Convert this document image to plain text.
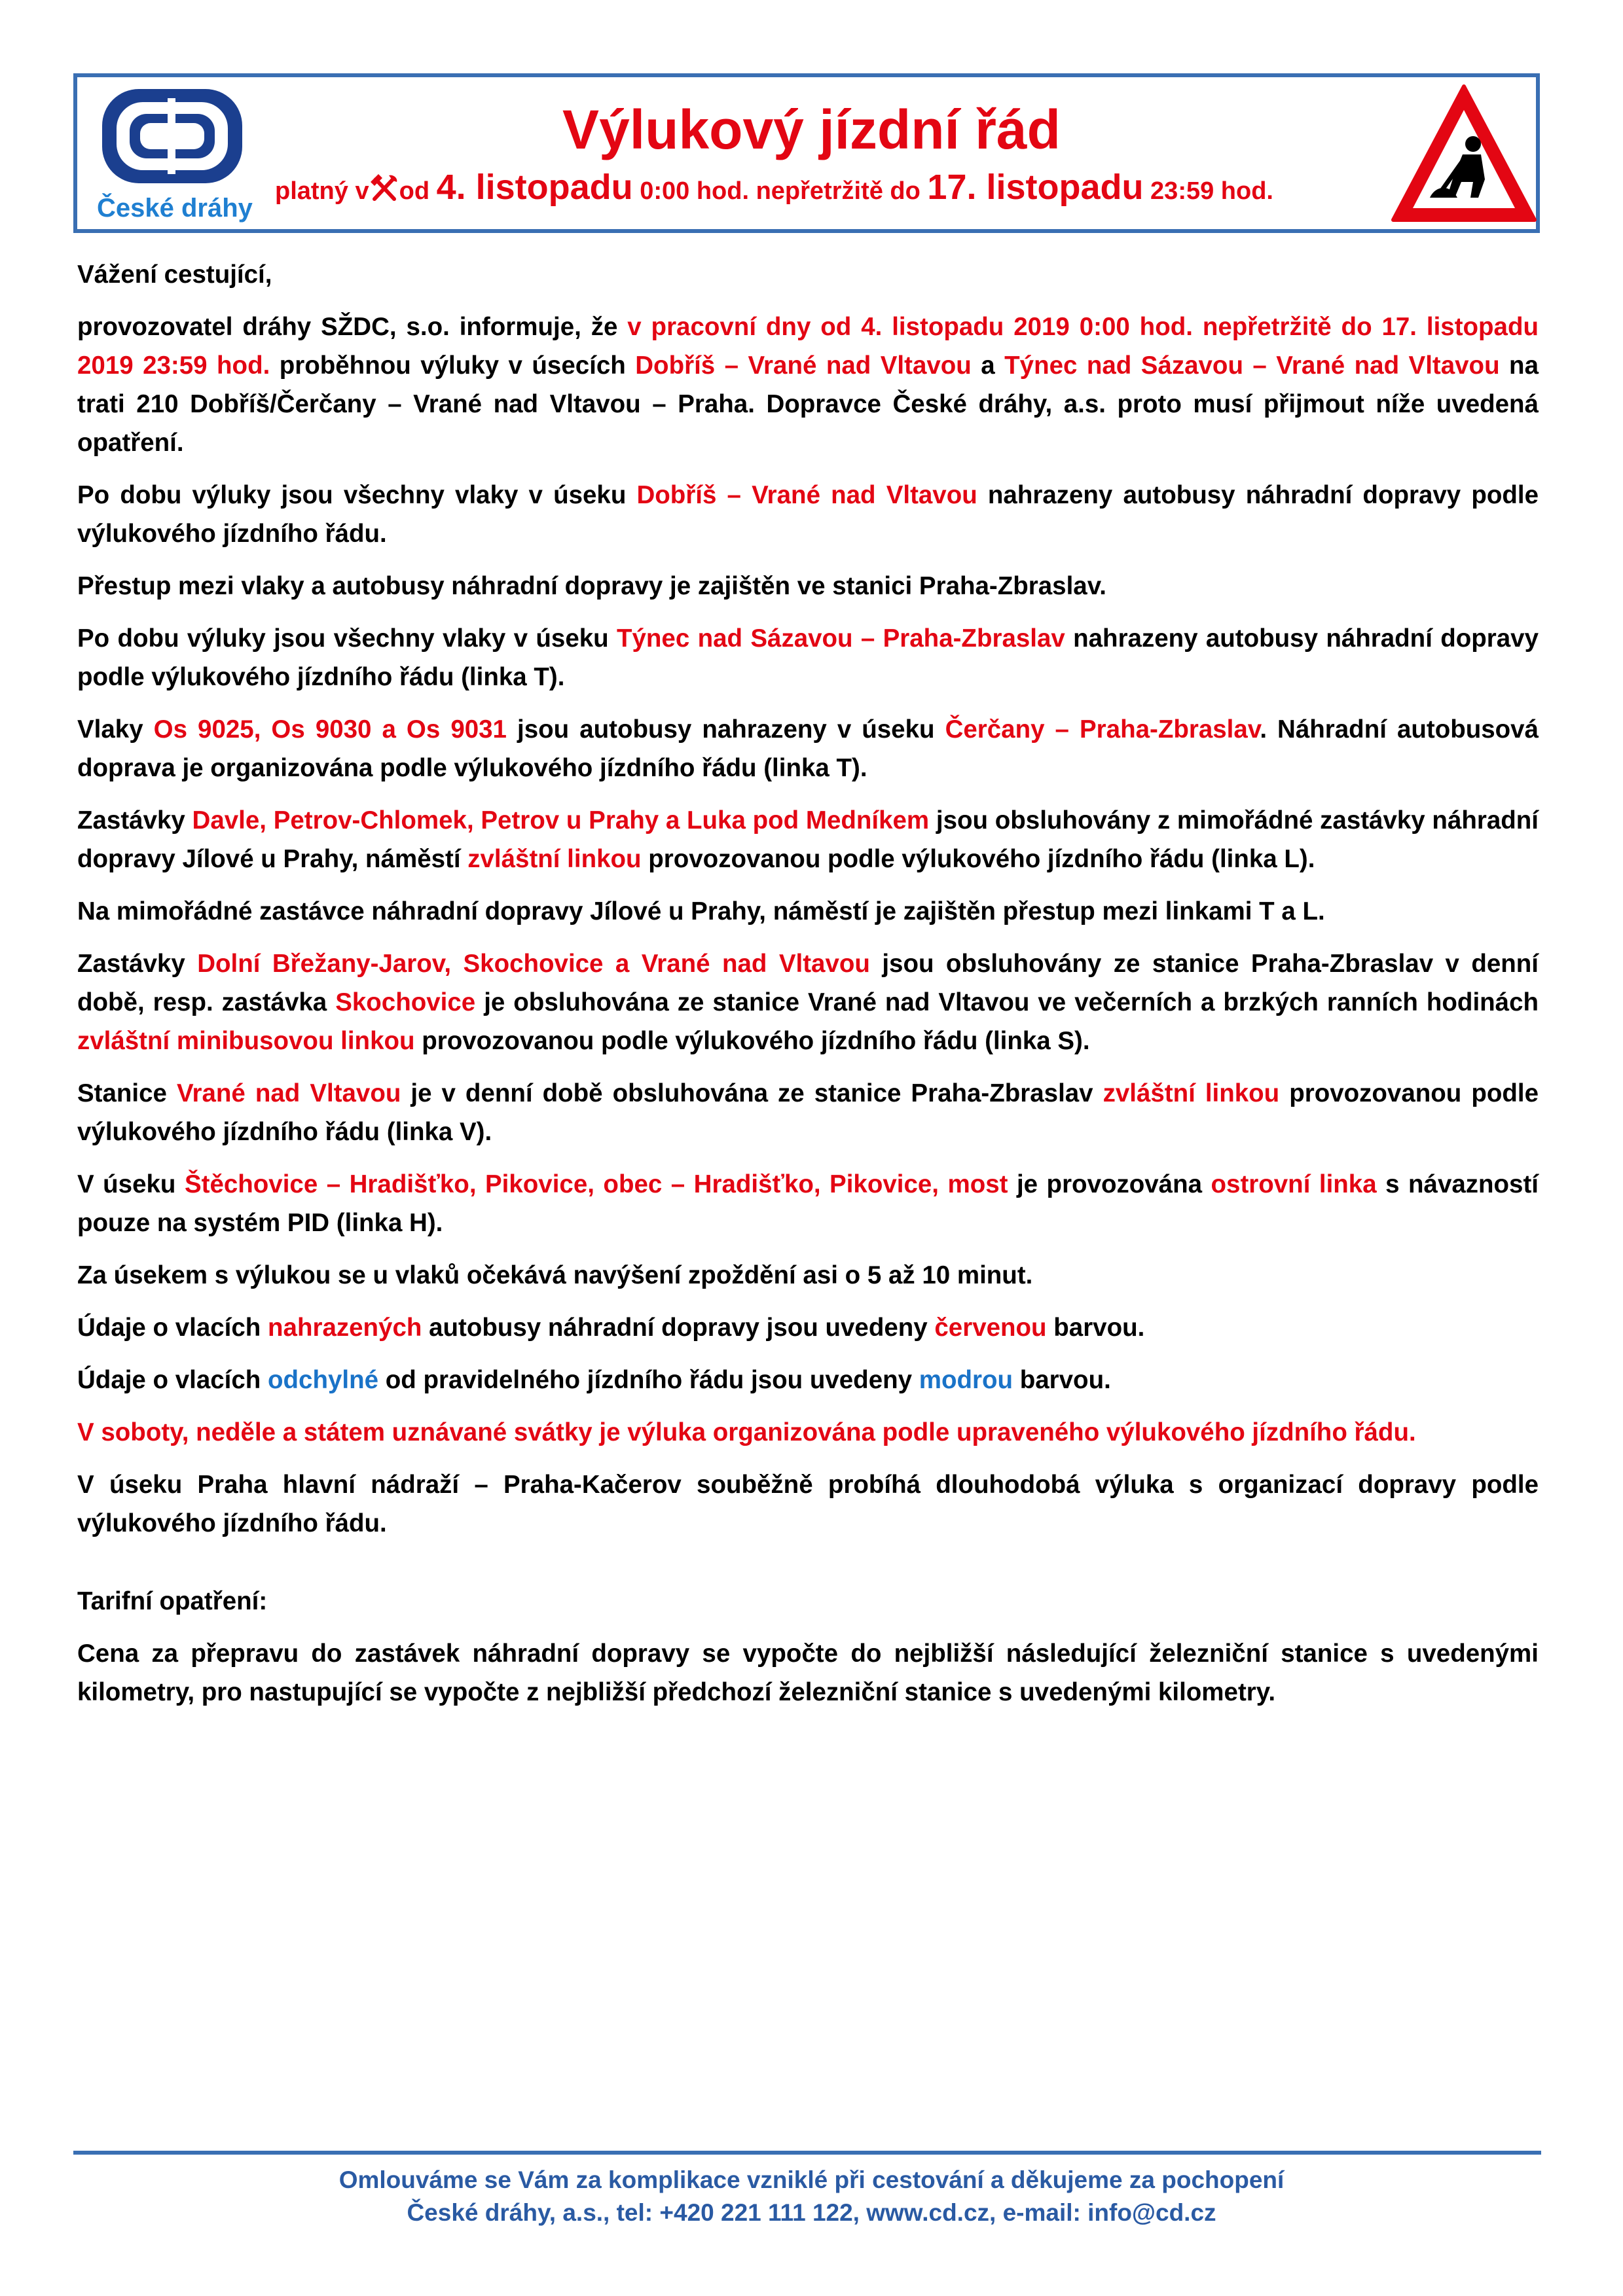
České dráhy
Výlukový jízdní řád
platný v od 4. listopadu 0:00 hod. nepřetržitě do 17. listopadu 23:59 hod.

Vážení cestující,

provozovatel dráhy SŽDC, s.o. informuje, že v pracovní dny od 4. listopadu 2019 0:00 hod. nepřetržitě do 17. listopadu 2019 23:59 hod. proběhnou výluky v úsecích Dobříš – Vrané nad Vltavou a Týnec nad Sázavou – Vrané nad Vltavou na trati 210 Dobříš/Čerčany – Vrané nad Vltavou – Praha. Dopravce České dráhy, a.s. proto musí přijmout níže uvedená opatření.

Po dobu výluky jsou všechny vlaky v úseku Dobříš – Vrané nad Vltavou nahrazeny autobusy náhradní dopravy podle výlukového jízdního řádu.

Přestup mezi vlaky a autobusy náhradní dopravy je zajištěn ve stanici Praha-Zbraslav.

Po dobu výluky jsou všechny vlaky v úseku Týnec nad Sázavou – Praha-Zbraslav nahrazeny autobusy náhradní dopravy podle výlukového jízdního řádu (linka T).

Vlaky Os 9025, Os 9030 a Os 9031 jsou autobusy nahrazeny v úseku Čerčany – Praha-Zbraslav. Náhradní autobusová doprava je organizována podle výlukového jízdního řádu (linka T).

Zastávky Davle, Petrov-Chlomek, Petrov u Prahy a Luka pod Medníkem jsou obsluhovány z mimořádné zastávky náhradní dopravy Jílové u Prahy, náměstí zvláštní linkou provozovanou podle výlukového jízdního řádu (linka L).

Na mimořádné zastávce náhradní dopravy Jílové u Prahy, náměstí je zajištěn přestup mezi linkami T a L.

Zastávky Dolní Břežany-Jarov, Skochovice a Vrané nad Vltavou jsou obsluhovány ze stanice Praha-Zbraslav v denní době, resp. zastávka Skochovice je obsluhována ze stanice Vrané nad Vltavou ve večerních a brzkých ranních hodinách zvláštní minibusovou linkou provozovanou podle výlukového jízdního řádu (linka S).

Stanice Vrané nad Vltavou je v denní době obsluhována ze stanice Praha-Zbraslav zvláštní linkou provozovanou podle výlukového jízdního řádu (linka V).

V úseku Štěchovice – Hradišťko, Pikovice, obec – Hradišťko, Pikovice, most je provozována ostrovní linka s návazností pouze na systém PID (linka H).

Za úsekem s výlukou se u vlaků očekává navýšení zpoždění asi o 5 až 10 minut.

Údaje o vlacích nahrazených autobusy náhradní dopravy jsou uvedeny červenou barvou.

Údaje o vlacích odchylné od pravidelného jízdního řádu jsou uvedeny modrou barvou.

V soboty, neděle a státem uznávané svátky je výluka organizována podle upraveného výlukového jízdního řádu.

V úseku Praha hlavní nádraží – Praha-Kačerov souběžně probíhá dlouhodobá výluka s organizací dopravy podle výlukového jízdního řádu.

Tarifní opatření:

Cena za přepravu do zastávek náhradní dopravy se vypočte do nejbližší následující železniční stanice s uvedenými kilometry, pro nastupující se vypočte z nejbližší předchozí železniční stanice s uvedenými kilometry.

Omlouváme se Vám za komplikace vzniklé při cestování a děkujeme za pochopení
České dráhy, a.s., tel: +420 221 111 122, www.cd.cz, e-mail: info@cd.cz
